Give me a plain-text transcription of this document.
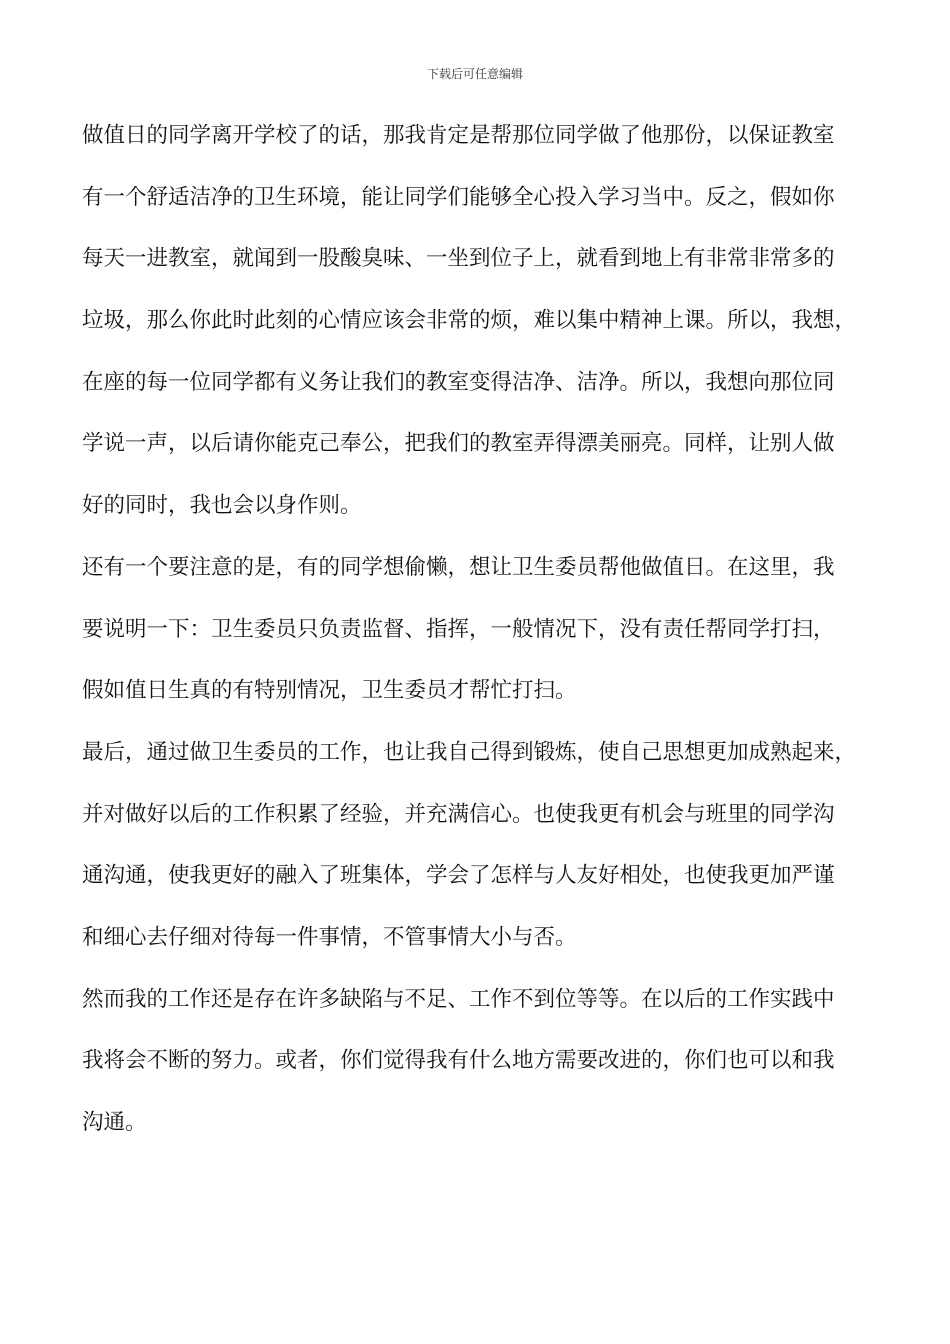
下载后可任意编辑
做值日的同学离开学校了的话，那我肯定是帮那位同学做了他那份，以保证教室
有一个舒适洁净的卫生环境，能让同学们能够全心投入学习当中。反之，假如你
每天一进教室，就闻到一股酸臭味、一坐到位子上，就看到地上有非常非常多的
垃圾，那么你此时此刻的心情应该会非常的烦，难以集中精神上课。所以，我想，
在座的每一位同学都有义务让我们的教室变得洁净、洁净。所以，我想向那位同
学说一声，以后请你能克己奉公，把我们的教室弄得漂美丽亮。同样，让别人做
好的同时，我也会以身作则。
还有一个要注意的是，有的同学想偷懒，想让卫生委员帮他做值日。在这里，我
要说明一下：卫生委员只负责监督、指挥，一般情况下，没有责任帮同学打扫，
假如值日生真的有特别情况，卫生委员才帮忙打扫。
最后，通过做卫生委员的工作，也让我自己得到锻炼，使自己思想更加成熟起来，
并对做好以后的工作积累了经验，并充满信心。也使我更有机会与班里的同学沟
通沟通，使我更好的融入了班集体，学会了怎样与人友好相处，也使我更加严谨
和细心去仔细对待每一件事情，不管事情大小与否。
然而我的工作还是存在许多缺陷与不足、工作不到位等等。在以后的工作实践中
我将会不断的努力。或者，你们觉得我有什么地方需要改进的，你们也可以和我
沟通。
